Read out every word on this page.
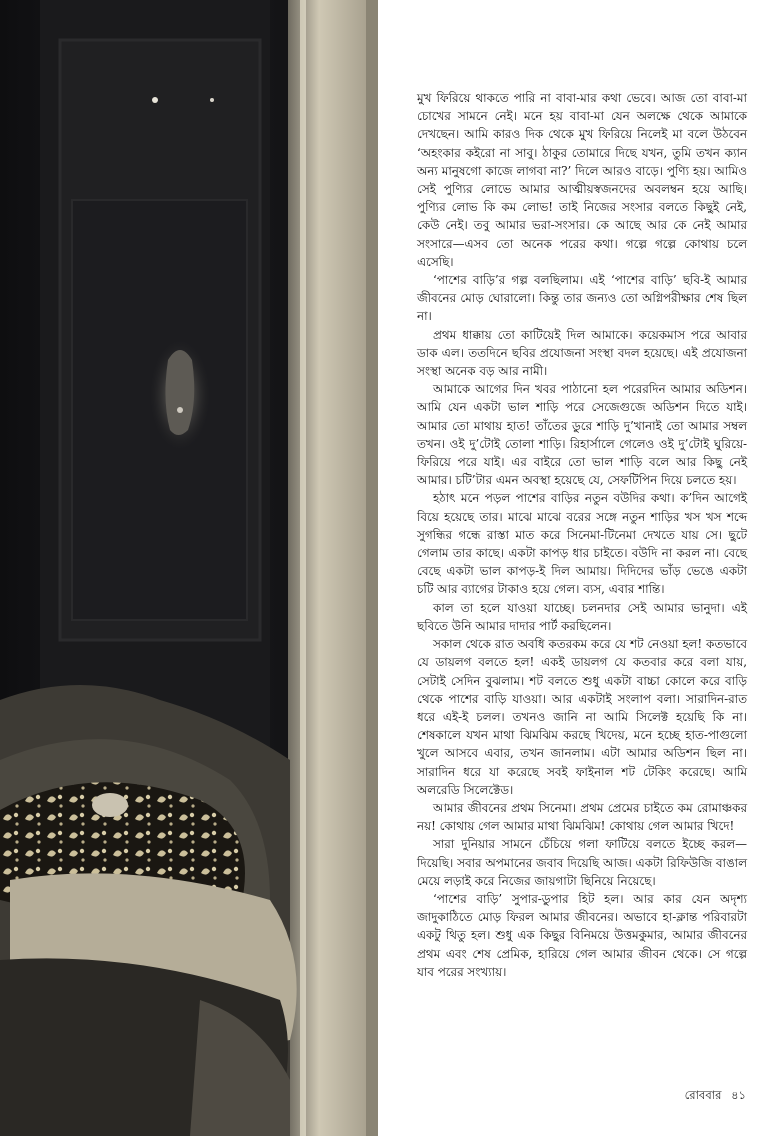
মুখ ফিরিয়ে থাকতে পারি না বাবা-মার কথা ভেবে। আজ তো বাবা-মা চোখের সামনে নেই। মনে হয় বাবা-মা যেন অলক্ষে থেকে আমাকে দেখছেন। আমি কারও দিক থেকে মুখ ফিরিয়ে নিলেই মা বলে উঠবেন ‘অহংকার কইরো না সাবু। ঠাকুর তোমারে দিছে যখন, তুমি তখন ক্যান অন্য মানুষগো কাজে লাগবা না?’ দিলে আরও বাড়ে। পুণ্যি হয়। আমিও সেই পুণ্যির লোভে আমার আত্মীয়স্বজনদের অবলম্বন হয়ে আছি। পুণ্যির লোভ কি কম লোভ! তাই নিজের সংসার বলতে কিছুই নেই, কেউ নেই। তবু আমার ভরা-সংসার। কে আছে আর কে নেই আমার সংসারে—এসব তো অনেক পরের কথা। গল্পে গল্পে কোথায় চলে এসেছি।

‘পাশের বাড়ি’র গল্প বলছিলাম। এই ‘পাশের বাড়ি’ ছবি-ই আমার জীবনের মোড় ঘোরালো। কিন্তু তার জন্যও তো অগ্নিপরীক্ষার শেষ ছিল না।

প্রথম ধাক্কায় তো কাটিয়েই দিল আমাকে। কয়েকমাস পরে আবার ডাক এল। ততদিনে ছবির প্রযোজনা সংস্থা বদল হয়েছে। এই প্রযোজনা সংস্থা অনেক বড় আর নামী।

আমাকে আগের দিন খবর পাঠানো হল পরেরদিন আমার অডিশন। আমি যেন একটা ভাল শাড়ি পরে সেজেগুজে অডিশন দিতে যাই। আমার তো মাথায় হাত! তাঁতের ডুরে শাড়ি দু’খানাই তো আমার সম্বল তখন। ওই দু’টোই তোলা শাড়ি। রিহার্সালে গেলেও ওই দু’টোই ঘুরিয়ে-ফিরিয়ে পরে যাই। এর বাইরে তো ভাল শাড়ি বলে আর কিছু নেই আমার। চটি’টার এমন অবস্থা হয়েছে যে, সেফটিপিন দিয়ে চলতে হয়।

হঠাৎ মনে পড়ল পাশের বাড়ির নতুন বউদির কথা। ক’দিন আগেই বিয়ে হয়েছে তার। মাঝে মাঝে বরের সঙ্গে নতুন শাড়ির খস খস শব্দে সুগন্ধির গন্ধে রাস্তা মাত করে সিনেমা-টিনেমা দেখতে যায় সে। ছুটে গেলাম তার কাছে। একটা কাপড় ধার চাইতে। বউদি না করল না। বেছে বেছে একটা ভাল কাপড়-ই দিল আমায়। দিদিদের ভাঁড় ভেঙে একটা চটি আর ব্যাগের টাকাও হয়ে গেল। ব্যস, এবার শান্তি।

কাল তা হলে যাওয়া যাচ্ছে। চলনদার সেই আমার ভানুদা। এই ছবিতে উনি আমার দাদার পার্ট করছিলেন।

সকাল থেকে রাত অবধি কতরকম করে যে শট নেওয়া হল! কতভাবে যে ডায়লগ বলতে হল! একই ডায়লগ যে কতবার করে বলা যায়, সেটাই সেদিন বুঝলাম। শট বলতে শুধু একটা বাচ্চা কোলে করে বাড়ি থেকে পাশের বাড়ি যাওয়া। আর একটাই সংলাপ বলা। সারাদিন-রাত ধরে এই-ই চলল। তখনও জানি না আমি সিলেক্ট হয়েছি কি না। শেষকালে যখন মাথা ঝিমঝিম করছে খিদেয়, মনে হচ্ছে হাত-পাগুলো খুলে আসবে এবার, তখন জানলাম। এটা আমার অডিশন ছিল না। সারাদিন ধরে যা করেছে সবই ফাইনাল শট টেকিং করেছে। আমি অলরেডি সিলেক্টেড।

আমার জীবনের প্রথম সিনেমা। প্রথম প্রেমের চাইতে কম রোমাঞ্চকর নয়! কোথায় গেল আমার মাথা ঝিমঝিম! কোথায় গেল আমার খিদে!

সারা দুনিয়ার সামনে চেঁচিয়ে গলা ফাটিয়ে বলতে ইচ্ছে করল—দিয়েছি। সবার অপমানের জবাব দিয়েছি আজ। একটা রিফিউজি বাঙাল মেয়ে লড়াই করে নিজের জায়গাটা ছিনিয়ে নিয়েছে।

‘পাশের বাড়ি’ সুপার-ডুপার হিট হল। আর কার যেন অদৃশ্য জাদুকাঠিতে মোড় ফিরল আমার জীবনের। অভাবে হা-ক্লান্ত পরিবারটা একটু থিতু হল। শুধু এক কিছুর বিনিময়ে উত্তমকুমার, আমার জীবনের প্রথম এবং শেষ প্রেমিক, হারিয়ে গেল আমার জীবন থেকে। সে গল্পে যাব পরের সংখ্যায়।

রোববার ৪১
